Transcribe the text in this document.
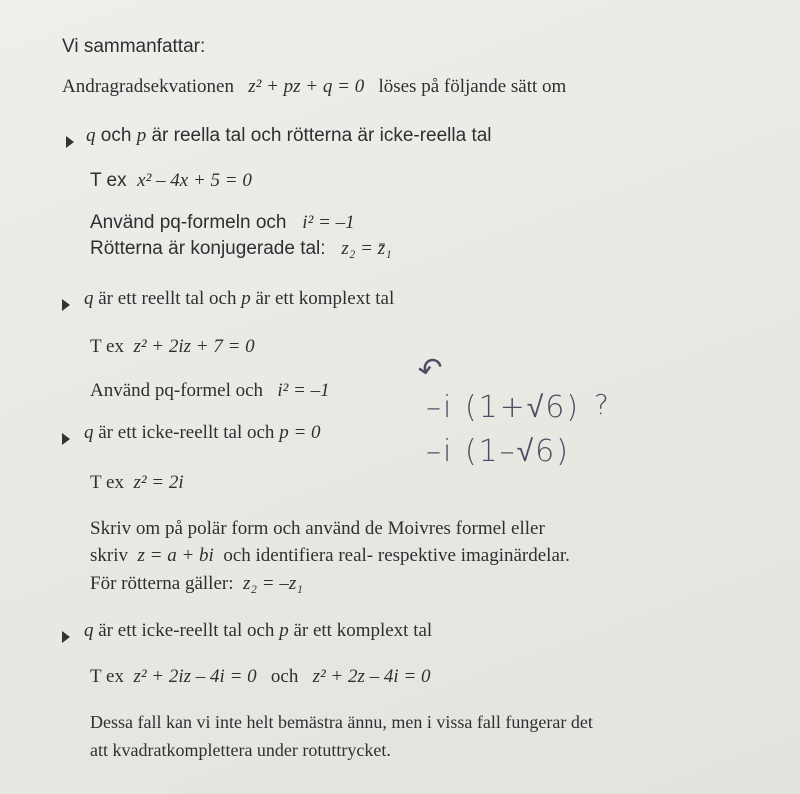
Vi sammanfattar:
Andragradsekvationen z² + pz + q = 0 löses på följande sätt om
q och p är reella tal och rötterna är icke-reella tal
T ex x² – 4x + 5 = 0
Använd pq-formeln och i² = –1
Rötterna är konjugerade tal: z₂ = z̄₁
q är ett reellt tal och p är ett komplext tal
T ex z² + 2iz + 7 = 0
Använd pq-formel och i² = –1
q är ett icke-reellt tal och p = 0
T ex z² = 2i
Skriv om på polär form och använd de Moivres formel eller
skriv z = a + bi och identifiera real- respektive imaginärdelar.
För rötterna gäller: z₂ = –z₁
q är ett icke-reellt tal och p är ett komplext tal
T ex z² + 2iz – 4i = 0 och z² + 2z – 4i = 0
Dessa fall kan vi inte helt bemästra ännu, men i vissa fall fungerar det
att kvadratkomplettera under rotuttrycket.
↶
–i (1+√6) ?
–i (1–√6)
